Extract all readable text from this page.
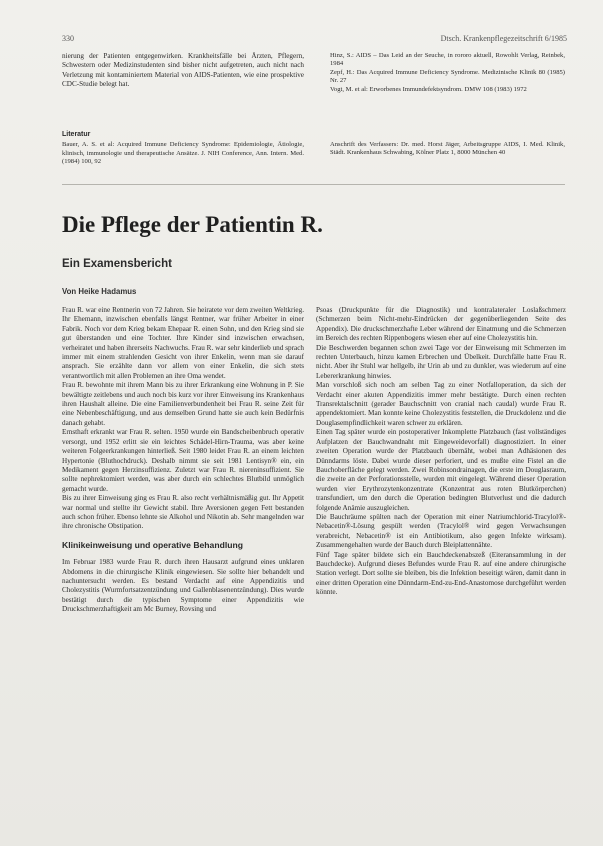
330	Dtsch. Krankenpflegezeitschrift 6/1985

nierung der Patienten entgegenwirken. Krankheitsfälle bei Ärzten, Pflegern, Schwestern oder Medizinstudenten sind bisher nicht aufgetreten, auch nicht nach Verletzung mit kontaminiertem Material von AIDS-Patienten, wie eine prospektive CDC-Studie belegt hat.

Hinz, S.: AIDS – Das Leid an der Seuche, in rororo aktuell, Rowohlt Verlag, Reinbek, 1984

Zepf, H.: Das Acquired Immune Deficiency Syndrome. Medizinische Klinik 80 (1985) Nr. 27

Vogt, M. et al: Erworbenes Immundefektsyndrom. DMW 108 (1983) 1972

Literatur

Bauer, A. S. et al: Acquired Immune Deficiency Syndrome: Epidemiologie, Ätiologie, klinisch, immunologie und therapeutische Ansätze. J. NIH Conference, Ann. Intern. Med. (1984) 100, 92

Anschrift des Verfassers: Dr. med. Horst Jäger, Arbeitsgruppe AIDS, I. Med. Klinik, Städt. Krankenhaus Schwabing, Kölner Platz 1, 8000 München 40

Die Pflege der Patientin R.
Ein Examensbericht
Von Heike Hadamus

Frau R. war eine Rentnerin von 72 Jahren. Sie heiratete vor dem zweiten Weltkrieg. Ihr Ehemann, inzwischen ebenfalls längst Rentner, war früher Arbeiter in einer Fabrik. Noch vor dem Krieg bekam Ehepaar R. einen Sohn, und den Krieg sind sie gut überstanden und eine Tochter. Ihre Kinder sind inzwischen erwachsen, verheiratet und haben ihrerseits Nachwuchs. Frau R. war sehr kinderlieb und sprach immer mit einem strahlenden Gesicht von ihrer Enkelin, wenn man sie darauf ansprach. Sie erzählte dann vor allem von einer Enkelin, die sich stets verantwortlich mit allen Problemen an ihre Oma wendet.

Frau R. bewohnte mit ihrem Mann bis zu ihrer Erkrankung eine Wohnung in P. Sie bewältigte zeitlebens und auch noch bis kurz vor ihrer Einweisung ins Krankenhaus ihren Haushalt alleine. Die eine Familienverbundenheit bei Frau R. seine Zeit für eine Nebenbeschäftigung, und aus demselben Grund hatte sie auch kein Bedürfnis danach gehabt.

Ernsthaft erkrankt war Frau R. selten. 1950 wurde ein Bandscheibenbruch operativ versorgt, und 1952 erlitt sie ein leichtes Schädel-Hirn-Trauma, was aber keine weiteren Folgeerkrankungen hinterließ. Seit 1980 leidet Frau R. an einem leichten Hypertonie (Bluthochdruck). Deshalb nimmt sie seit 1981 Lentisyn® ein, ein Medikament gegen Herzinsuffizienz. Zuletzt war Frau R. niereninsuffizient. Sie sollte nephrektomiert werden, was aber durch ein schlechtes Blutbild unmöglich gemacht wurde.

Bis zu ihrer Einweisung ging es Frau R. also recht verhältnismäßig gut. Ihr Appetit war normal und stellte ihr Gewicht stabil. Ihre Aversionen gegen Fett bestanden auch schon früher. Ebenso lehnte sie Alkohol und Nikotin ab. Sehr mangelnden war ihre chronische Obstipation.

Klinikeinweisung und operative Behandlung

Im Februar 1983 wurde Frau R. durch ihren Hausarzt aufgrund eines unklaren Abdomens in die chirurgische Klinik eingewiesen. Sie sollte hier behandelt und nachuntersucht werden. Es bestand Verdacht auf eine Appendizitis und Cholezystitis (Wurmfortsatzentzündung und Gallenblasenentzündung). Dies wurde bestätigt durch die typischen Symptome einer Appendizitis wie Druckschmerzhaftigkeit am Mc Burney, Rovsing und

Psoas (Druckpunkte für die Diagnostik) und kontralateraler Loslaßschmerz (Schmerzen beim Nicht-mehr-Eindrücken der gegenüberliegenden Seite des Appendix). Die druckschmerzhafte Leber während der Einatmung und die Schmerzen im Bereich des rechten Rippenbogens wiesen eher auf eine Cholezystitis hin.

Die Beschwerden begannen schon zwei Tage vor der Einweisung mit Schmerzen im rechten Unterbauch, hinzu kamen Erbrechen und Übelkeit. Durchfälle hatte Frau R. nicht. Aber ihr Stuhl war hellgelb, ihr Urin ab und zu dunkler, was wiederum auf eine Lebererkrankung hinwies.

Man vorschloß sich noch am selben Tag zu einer Notfalloperation, da sich der Verdacht einer akuten Appendizitis immer mehr bestätigte. Durch einen rechten Transrektalschnitt (gerader Bauchschnitt von cranial nach caudal) wurde Frau R. appendektomiert. Man konnte keine Cholezystitis feststellen, die Druckdolenz und die Douglasempfindlichkeit waren schwer zu erklären.

Einen Tag später wurde ein postoperativer Inkomplette Platzbauch (fast vollständiges Aufplatzen der Bauchwandnaht mit Eingeweidevorfall) diagnostiziert. In einer zweiten Operation wurde der Platzbauch übernäht, wobei man Adhäsionen des Dünndarms löste. Dabei wurde dieser perforiert, und es mußte eine Fistel an die Bauchoberfläche gelegt werden. Zwei Robinsondrainagen, die erste im Douglasraum, die zweite an der Perforationsstelle, wurden mit eingelegt. Während dieser Operation wurden vier Erythrozytenkonzentrate (Konzentrat aus roten Blutkörperchen) transfundiert, um den durch die Operation bedingten Blutverlust und die dadurch folgende Anämie auszugleichen.

Die Bauchräume spülten nach der Operation mit einer Natriumchlorid-Tracylol®-Nebacetin®-Lösung gespült werden (Tracylol® wird gegen Verwachsungen verabreicht, Nebacetin® ist ein Antibiotikum, also gegen Infekte wirksam). Zusammengehalten wurde der Bauch durch Bleiplattennähte.

Fünf Tage später bildete sich ein Bauchdeckenabszeß (Eiteransammlung in der Bauchdecke). Aufgrund dieses Befundes wurde Frau R. auf eine andere chirurgische Station verlegt. Dort sollte sie bleiben, bis die Infektion beseitigt wären, damit dann in einer dritten Operation eine Dünndarm-End-zu-End-Anastomose durchgeführt werden könnte.
